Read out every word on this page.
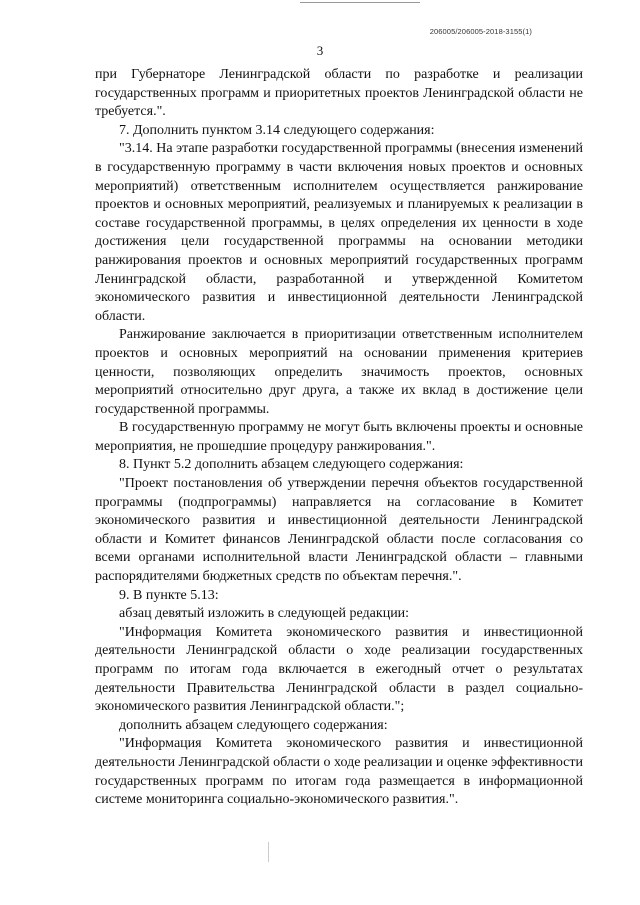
206005/206005-2018-3155(1)
3

при Губернаторе Ленинградской области по разработке и реализации государственных программ и приоритетных проектов Ленинградской области не требуется.".

7. Дополнить пунктом 3.14 следующего содержания:

"3.14. На этапе разработки государственной программы (внесения изменений в государственную программу в части включения новых проектов и основных мероприятий) ответственным исполнителем осуществляется ранжирование проектов и основных мероприятий, реализуемых и планируемых к реализации в составе государственной программы, в целях определения их ценности в ходе достижения цели государственной программы на основании методики ранжирования проектов и основных мероприятий государственных программ Ленинградской области, разработанной и утвержденной Комитетом экономического развития и инвестиционной деятельности Ленинградской области.

Ранжирование заключается в приоритизации ответственным исполнителем проектов и основных мероприятий на основании применения критериев ценности, позволяющих определить значимость проектов, основных мероприятий относительно друг друга, а также их вклад в достижение цели государственной программы.

В государственную программу не могут быть включены проекты и основные мероприятия, не прошедшие процедуру ранжирования.".

8. Пункт 5.2 дополнить абзацем следующего содержания:

"Проект постановления об утверждении перечня объектов государственной программы (подпрограммы) направляется на согласование в Комитет экономического развития и инвестиционной деятельности Ленинградской области и Комитет финансов Ленинградской области после согласования со всеми органами исполнительной власти Ленинградской области – главными распорядителями бюджетных средств по объектам перечня.".

9. В пункте 5.13:

абзац девятый изложить в следующей редакции:

"Информация Комитета экономического развития и инвестиционной деятельности Ленинградской области о ходе реализации государственных программ по итогам года включается в ежегодный отчет о результатах деятельности Правительства Ленинградской области в раздел социально-экономического развития Ленинградской области.";

дополнить абзацем следующего содержания:

"Информация Комитета экономического развития и инвестиционной деятельности Ленинградской области о ходе реализации и оценке эффективности государственных программ по итогам года размещается в информационной системе мониторинга социально-экономического развития.".
